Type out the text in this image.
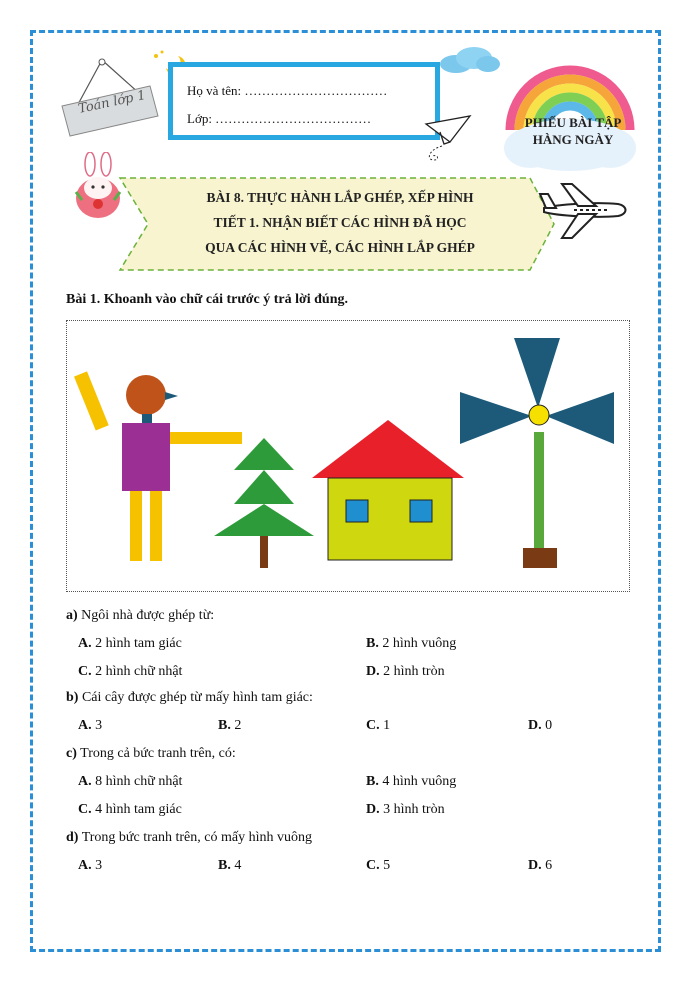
Toán lớp 1	Họ và tên: ……………………………
Lớp: ………………………………	PHIẾU BÀI TẬP HÀNG NGÀY
BÀI 8. THỰC HÀNH LẮP GHÉP, XẾP HÌNH
TIẾT 1. NHẬN BIẾT CÁC HÌNH ĐÃ HỌC
QUA CÁC HÌNH VẼ, CÁC HÌNH LẮP GHÉP
Bài 1. Khoanh vào chữ cái trước ý trả lời đúng.
a) Ngôi nhà được ghép từ:
A. 2 hình tam giác	B. 2 hình vuông
C. 2 hình chữ nhật	D. 2 hình tròn
b) Cái cây được ghép từ mấy hình tam giác:
A. 3	B. 2	C. 1	D. 0
c) Trong cả bức tranh trên, có:
A. 8 hình chữ nhật	B. 4 hình vuông
C. 4 hình tam giác	D. 3 hình tròn
d) Trong bức tranh trên, có mấy hình vuông
A. 3	B. 4	C. 5	D. 6
